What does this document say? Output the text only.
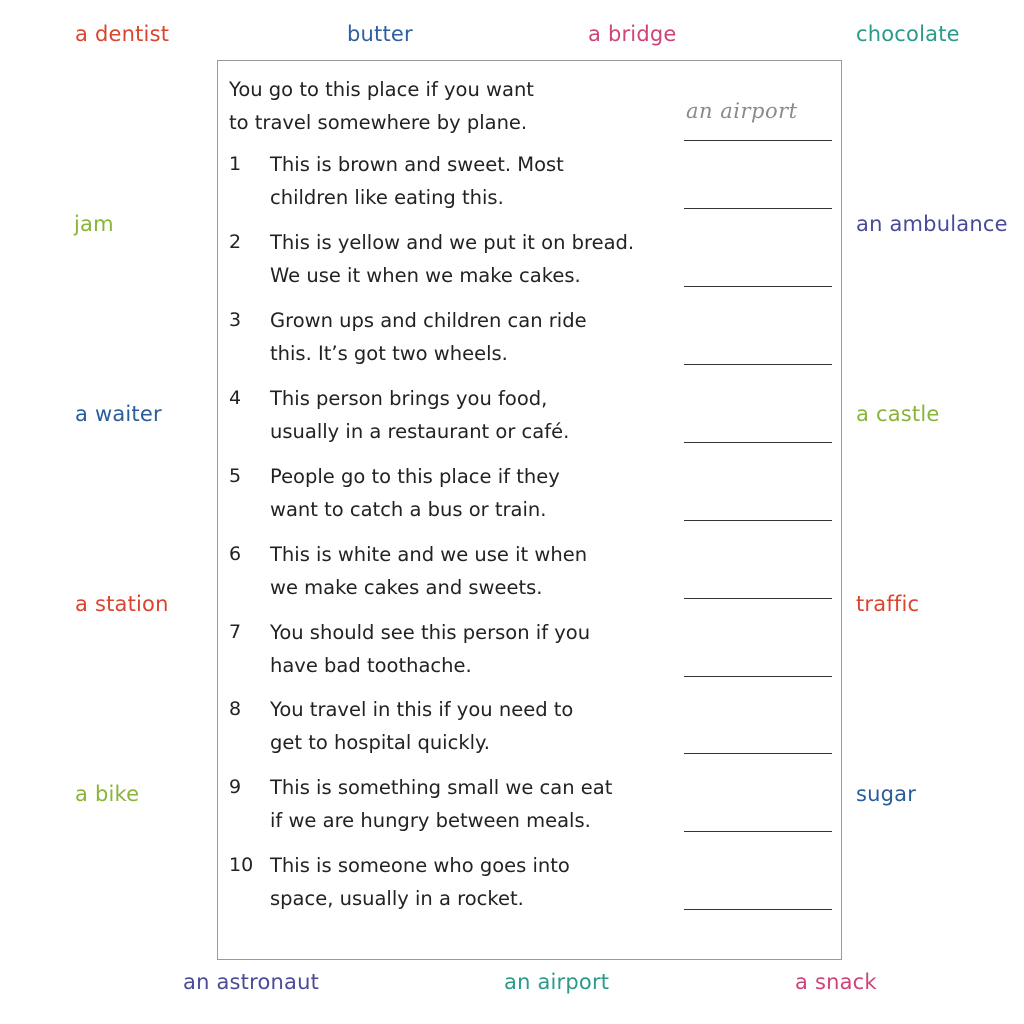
a dentist	butter	a bridge	chocolate
jam	an ambulance
a waiter	a castle
a station	traffic
a bike	sugar
an astronaut	an airport	a snack
You go to this place if you want
to travel somewhere by plane.	an airport
1 This is brown and sweet. Most
children like eating this.
2 This is yellow and we put it on bread.
We use it when we make cakes.
3 Grown ups and children can ride
this. It’s got two wheels.
4 This person brings you food,
usually in a restaurant or café.
5 People go to this place if they
want to catch a bus or train.
6 This is white and we use it when
we make cakes and sweets.
7 You should see this person if you
have bad toothache.
8 You travel in this if you need to
get to hospital quickly.
9 This is something small we can eat
if we are hungry between meals.
10 This is someone who goes into
space, usually in a rocket.
